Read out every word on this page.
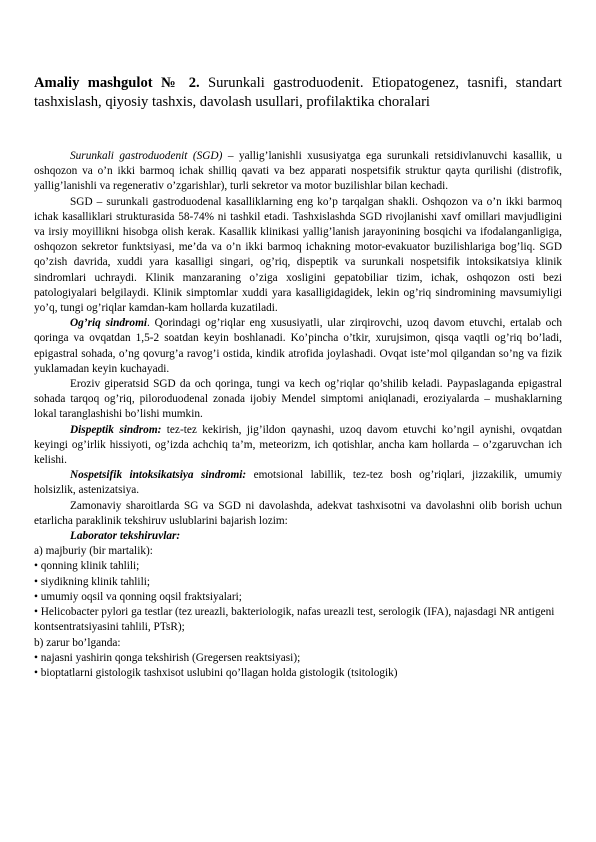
Amaliy mashgulot № 2. Surunkali gastroduodenit. Etiopatogenez, tasnifi, standart tashxislash, qiyosiy tashxis, davolash usullari, profilaktika choralari

Surunkali gastroduodenit (SGD) – yallig’lanishli xususiyatga ega surunkali retsidivlanuvchi kasallik, u oshqozon va o’n ikki barmoq ichak shilliq qavati va bez apparati nospetsifik struktur qayta qurilishi (distrofik, yallig’lanishli va regenerativ o’zgarishlar), turli sekretor va motor buzilishlar bilan kechadi.

SGD – surunkali gastroduodenal kasalliklarning eng ko’p tarqalgan shakli. Oshqozon va o’n ikki barmoq ichak kasalliklari strukturasida 58-74% ni tashkil etadi. Tashxislashda SGD rivojlanishi xavf omillari mavjudligini va irsiy moyillikni hisobga olish kerak. Kasallik klinikasi yallig’lanish jarayonining bosqichi va ifodalanganligiga, oshqozon sekretor funktsiyasi, me’da va o’n ikki barmoq ichakning motor-evakuator buzilishlariga bog’liq. SGD qo’zish davrida, xuddi yara kasalligi singari, og’riq, dispeptik va surunkali nospetsifik intoksikatsiya klinik sindromlari uchraydi. Klinik manzaraning o’ziga xosligini gepatobiliar tizim, ichak, oshqozon osti bezi patologiyalari belgilaydi. Klinik simptomlar xuddi yara kasalligidagidek, lekin og’riq sindromining mavsumiyligi yo’q, tungi og’riqlar kamdan-kam hollarda kuzatiladi.

Og’riq sindromi. Qorindagi og’riqlar eng xususiyatli, ular zirqirovchi, uzoq davom etuvchi, ertalab och qoringa va ovqatdan 1,5-2 soatdan keyin boshlanadi. Ko’pincha o’tkir, xurujsimon, qisqa vaqtli og’riq bo’ladi, epigastral sohada, o’ng qovurg’a ravog’i ostida, kindik atrofida joylashadi. Ovqat iste’mol qilgandan so’ng va fizik yuklamadan keyin kuchayadi.

Eroziv giperatsid SGD da och qoringa, tungi va kech og’riqlar qo’shilib keladi. Paypaslaganda epigastral sohada tarqoq og’riq, piloroduodenal zonada ijobiy Mendel simptomi aniqlanadi, eroziyalarda – mushaklarning lokal taranglashishi bo’lishi mumkin.

Dispeptik sindrom: tez-tez kekirish, jig’ildon qaynashi, uzoq davom etuvchi ko’ngil aynishi, ovqatdan keyingi og’irlik hissiyoti, og’izda achchiq ta’m, meteorizm, ich qotishlar, ancha kam hollarda – o’zgaruvchan ich kelishi.

Nospetsifik intoksikatsiya sindromi: emotsional labillik, tez-tez bosh og’riqlari, jizzakilik, umumiy holsizlik, astenizatsiya.

Zamonaviy sharoitlarda SG va SGD ni davolashda, adekvat tashxisotni va davolashni olib borish uchun etarlicha paraklinik tekshiruv uslublarini bajarish lozim:

Laborator tekshiruvlar:

a) majburiy (bir martalik):

• qonning klinik tahlili;

• siydikning klinik tahlili;

• umumiy oqsil va qonning oqsil fraktsiyalari;

• Helicobacter pylori ga testlar (tez ureazli, bakteriologik, nafas ureazli test, serologik (IFA), najasdagi NR antigeni kontsentratsiyasini tahlili, PTsR);

b) zarur bo’lganda:

• najasni yashirin qonga tekshirish (Gregersen reaktsiyasi);

• bioptatlarni gistologik tashxisot uslubini qo’llagan holda gistologik (tsitologik)
